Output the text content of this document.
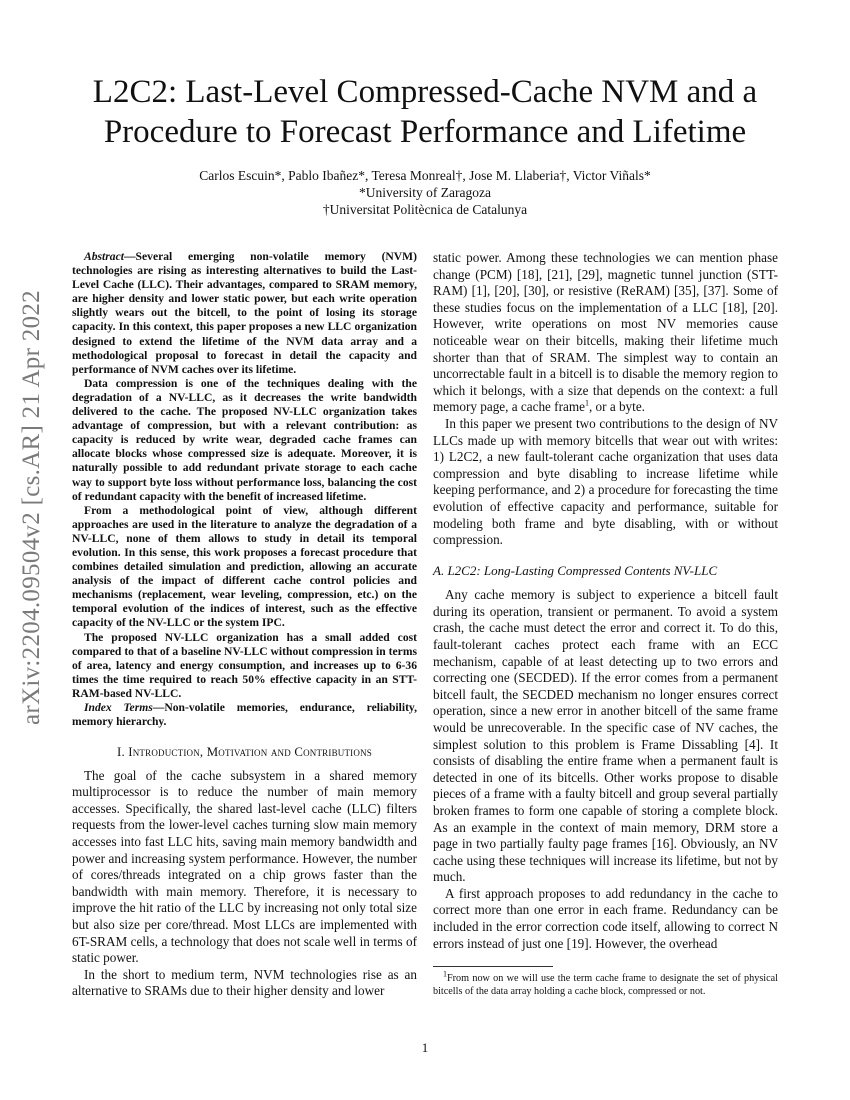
arXiv:2204.09504v2 [cs.AR] 21 Apr 2022
L2C2: Last-Level Compressed-Cache NVM and a
Procedure to Forecast Performance and Lifetime
Carlos Escuin*, Pablo Ibañez*, Teresa Monreal†, Jose M. Llaberia†, Victor Viñals*
*University of Zaragoza
†Universitat Politècnica de Catalunya

Abstract—Several emerging non-volatile memory (NVM) technologies are rising as interesting alternatives to build the Last-Level Cache (LLC). Their advantages, compared to SRAM memory, are higher density and lower static power, but each write operation slightly wears out the bitcell, to the point of losing its storage capacity. In this context, this paper proposes a new LLC organization designed to extend the lifetime of the NVM data array and a methodological proposal to forecast in detail the capacity and performance of NVM caches over its lifetime.

Data compression is one of the techniques dealing with the degradation of a NV-LLC, as it decreases the write bandwidth delivered to the cache. The proposed NV-LLC organization takes advantage of compression, but with a relevant contribution: as capacity is reduced by write wear, degraded cache frames can allocate blocks whose compressed size is adequate. Moreover, it is naturally possible to add redundant private storage to each cache way to support byte loss without performance loss, balancing the cost of redundant capacity with the benefit of increased lifetime.

From a methodological point of view, although different approaches are used in the literature to analyze the degradation of a NV-LLC, none of them allows to study in detail its temporal evolution. In this sense, this work proposes a forecast procedure that combines detailed simulation and prediction, allowing an accurate analysis of the impact of different cache control policies and mechanisms (replacement, wear leveling, compression, etc.) on the temporal evolution of the indices of interest, such as the effective capacity of the NV-LLC or the system IPC.

The proposed NV-LLC organization has a small added cost compared to that of a baseline NV-LLC without compression in terms of area, latency and energy consumption, and increases up to 6-36 times the time required to reach 50% effective capacity in an STT-RAM-based NV-LLC.

Index Terms—Non-volatile memories, endurance, reliability, memory hierarchy.

I. Introduction, Motivation and Contributions

The goal of the cache subsystem in a shared memory multiprocessor is to reduce the number of main memory accesses. Specifically, the shared last-level cache (LLC) filters requests from the lower-level caches turning slow main memory accesses into fast LLC hits, saving main memory bandwidth and power and increasing system performance. However, the number of cores/threads integrated on a chip grows faster than the bandwidth with main memory. Therefore, it is necessary to improve the hit ratio of the LLC by increasing not only total size but also size per core/thread. Most LLCs are implemented with 6T-SRAM cells, a technology that does not scale well in terms of static power.

In the short to medium term, NVM technologies rise as an alternative to SRAMs due to their higher density and lower

static power. Among these technologies we can mention phase change (PCM) [18], [21], [29], magnetic tunnel junction (STT-RAM) [1], [20], [30], or resistive (ReRAM) [35], [37]. Some of these studies focus on the implementation of a LLC [18], [20]. However, write operations on most NV memories cause noticeable wear on their bitcells, making their lifetime much shorter than that of SRAM. The simplest way to contain an uncorrectable fault in a bitcell is to disable the memory region to which it belongs, with a size that depends on the context: a full memory page, a cache frame$^1$, or a byte.

In this paper we present two contributions to the design of NV LLCs made up with memory bitcells that wear out with writes: 1) L2C2, a new fault-tolerant cache organization that uses data compression and byte disabling to increase lifetime while keeping performance, and 2) a procedure for forecasting the time evolution of effective capacity and performance, suitable for modeling both frame and byte disabling, with or without compression.

A. L2C2: Long-Lasting Compressed Contents NV-LLC

Any cache memory is subject to experience a bitcell fault during its operation, transient or permanent. To avoid a system crash, the cache must detect the error and correct it. To do this, fault-tolerant caches protect each frame with an ECC mechanism, capable of at least detecting up to two errors and correcting one (SECDED). If the error comes from a permanent bitcell fault, the SECDED mechanism no longer ensures correct operation, since a new error in another bitcell of the same frame would be unrecoverable. In the specific case of NV caches, the simplest solution to this problem is Frame Dissabling [4]. It consists of disabling the entire frame when a permanent fault is detected in one of its bitcells. Other works propose to disable pieces of a frame with a faulty bitcell and group several partially broken frames to form one capable of storing a complete block. As an example in the context of main memory, DRM store a page in two partially faulty page frames [16]. Obviously, an NV cache using these techniques will increase its lifetime, but not by much.

A first approach proposes to add redundancy in the cache to correct more than one error in each frame. Redundancy can be included in the error correction code itself, allowing to correct N errors instead of just one [19]. However, the overhead

$^1$From now on we will use the term cache frame to designate the set of physical bitcells of the data array holding a cache block, compressed or not.

1
